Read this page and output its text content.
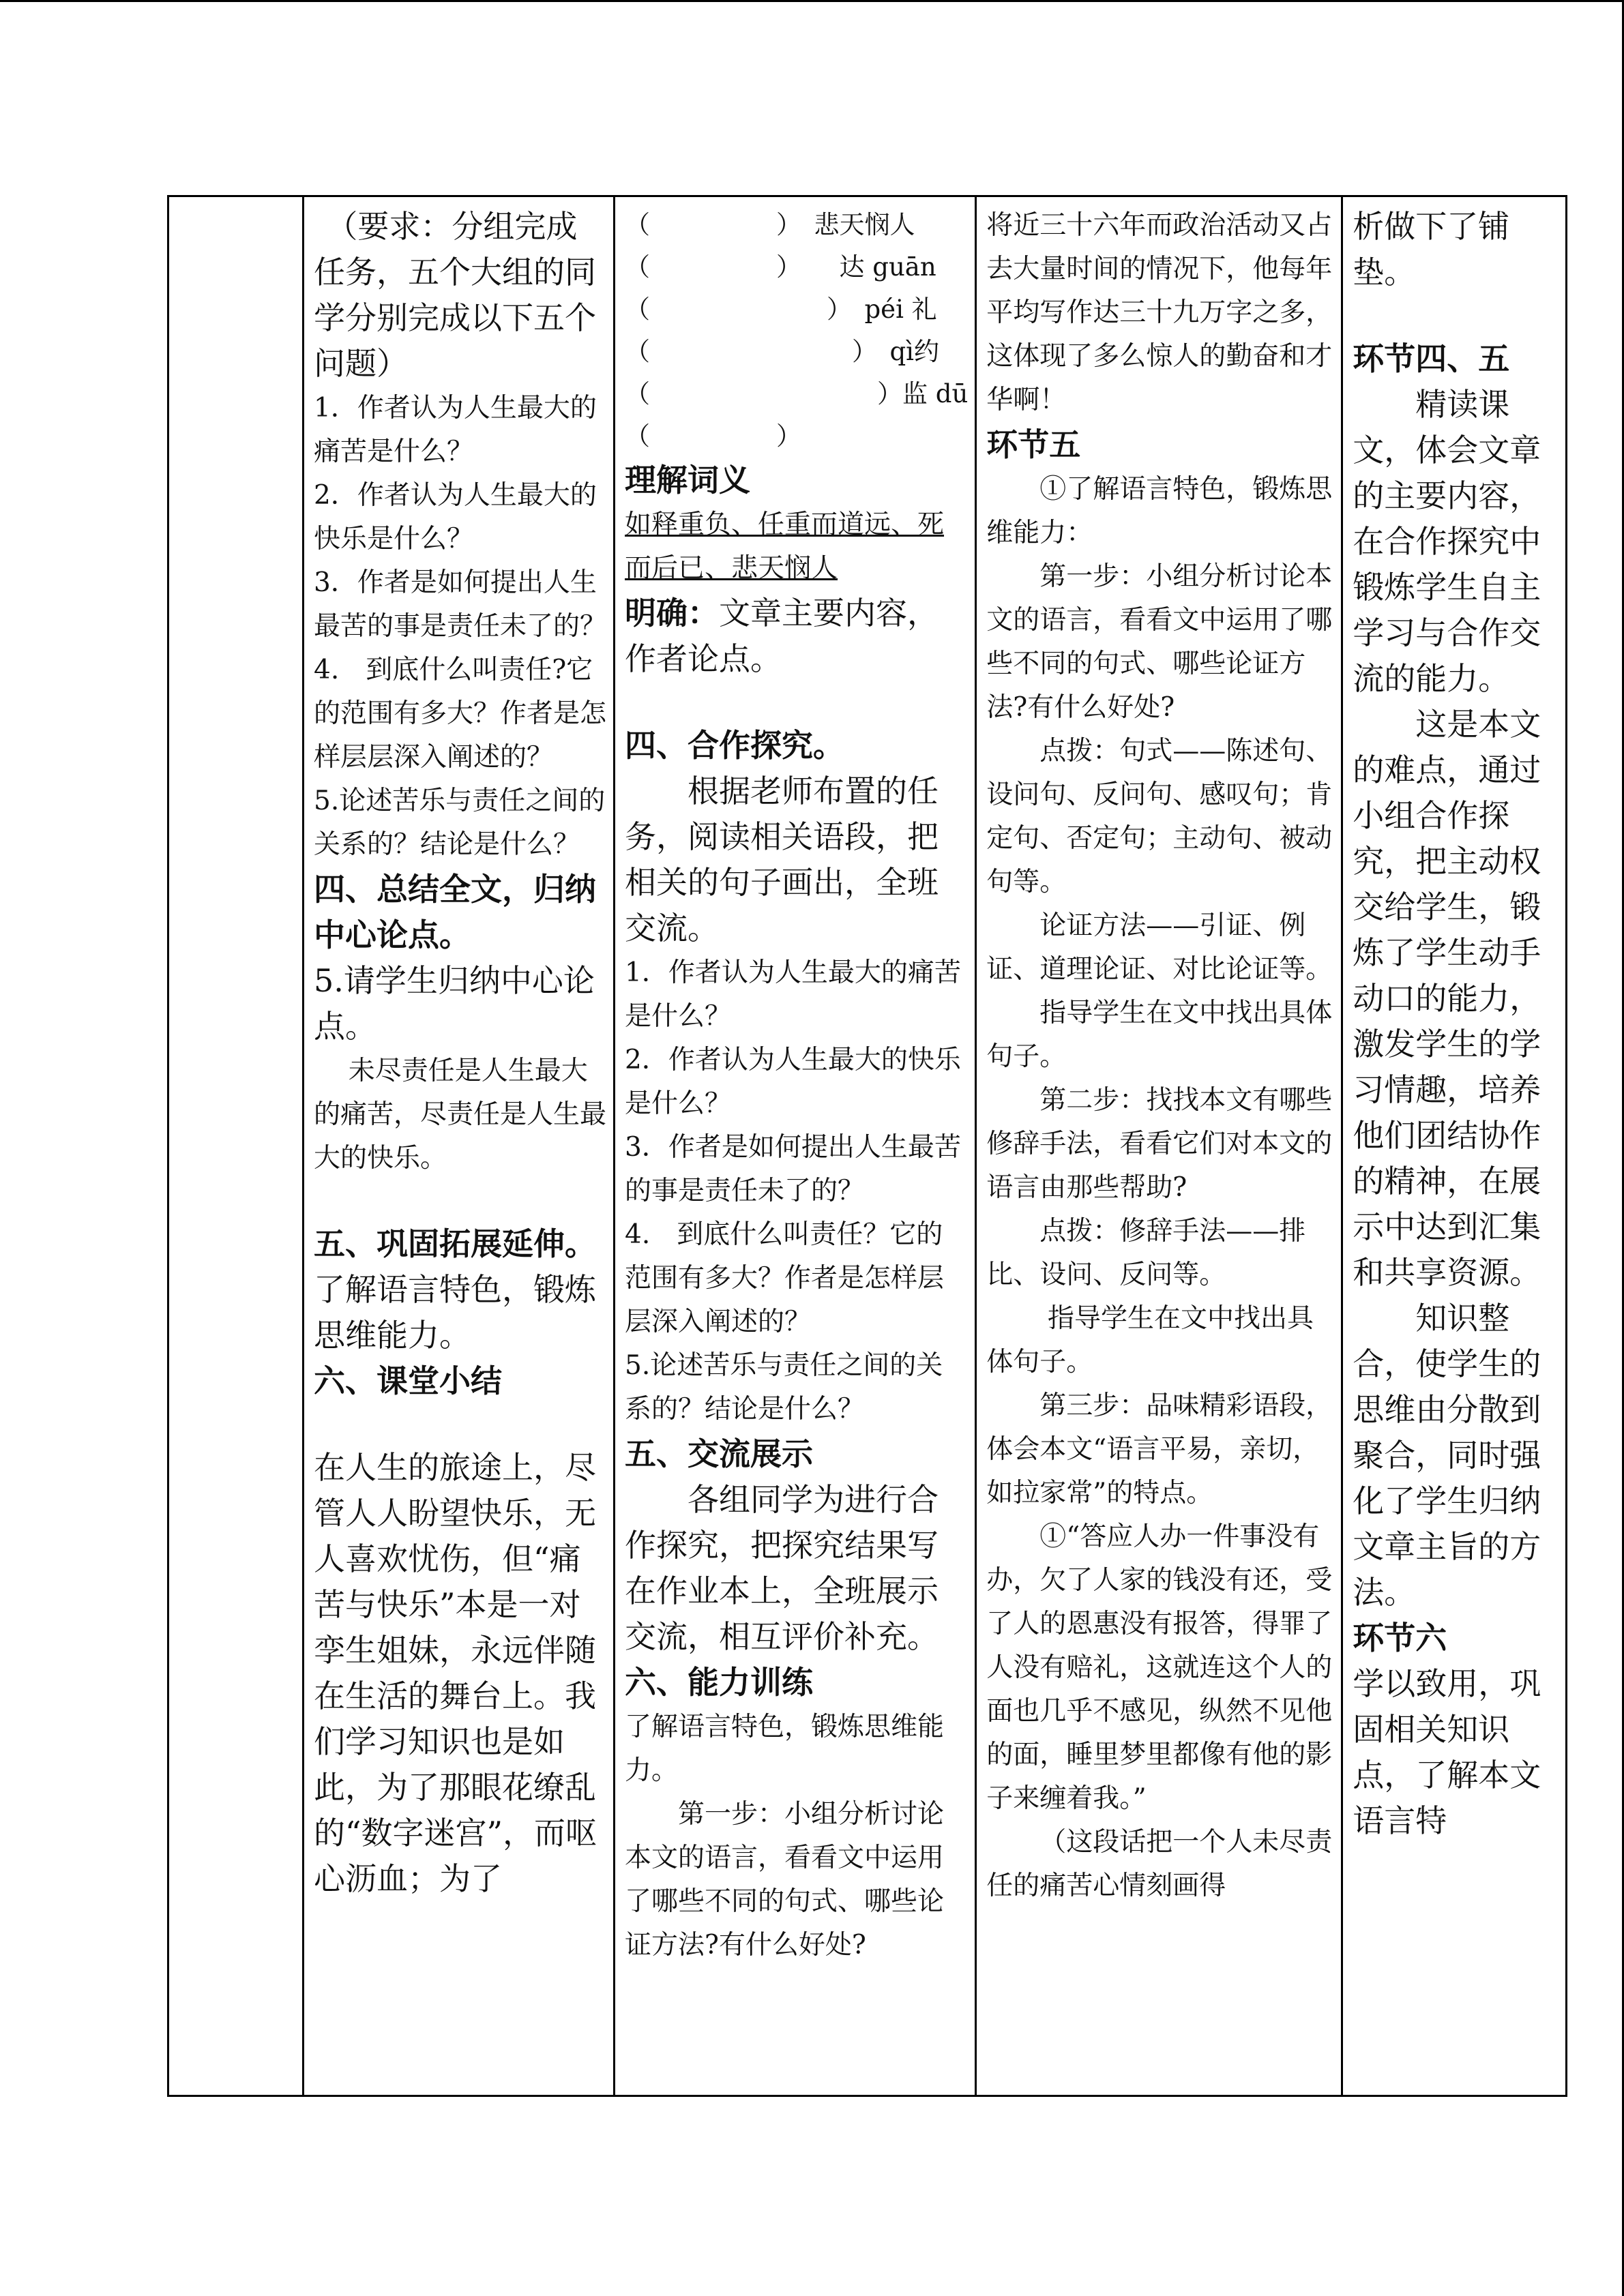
（要求：分组完成任务，五个大组的同学分别完成以下五个问题）

1．作者认为人生最大的痛苦是什么？

2．作者认为人生最大的快乐是什么？

3．作者是如何提出人生最苦的事是责任未了的？

4.　到底什么叫责任?它的范围有多大？作者是怎样层层深入阐述的？

5.论述苦乐与责任之间的关系的？结论是什么？

四、总结全文，归纳中心论点。

5.请学生归纳中心论点。

未尽责任是人生最大的痛苦，尽责任是人生最大的快乐。

五、巩固拓展延伸。

了解语言特色，锻炼思维能力。

六、课堂小结

在人生的旅途上，尽管人人盼望快乐，无人喜欢忧伤，但“痛苦与快乐”本是一对孪生姐妹，永远伴随在生活的舞台上。我们学习知识也是如此，为了那眼花缭乱的“数字迷宫”，而呕心沥血；为了

（　　　　　）　悲天悯人

（　　　　　）　　达 guān

（　　　　　　　）　péi 礼

（　　　　　　　　）　qì约

（　　　　　　　　　）监 dū

（　　　　　）

理解词义

如释重负、任重而道远、死而后已、悲天悯人

明确：文章主要内容，作者论点。

四、合作探究。

根据老师布置的任务，阅读相关语段，把相关的句子画出，全班交流。

1．作者认为人生最大的痛苦是什么？

2．作者认为人生最大的快乐是什么？

3．作者是如何提出人生最苦的事是责任未了的？

4.　到底什么叫责任？它的范围有多大？作者是怎样层层深入阐述的？

5.论述苦乐与责任之间的关系的？结论是什么？

五、交流展示

各组同学为进行合作探究，把探究结果写在作业本上，全班展示交流，相互评价补充。

六、能力训练

了解语言特色，锻炼思维能力。

第一步：小组分析讨论本文的语言，看看文中运用了哪些不同的句式、哪些论证方法?有什么好处?

将近三十六年而政治活动又占去大量时间的情况下，他每年平均写作达三十九万字之多，这体现了多么惊人的勤奋和才华啊！

环节五

①了解语言特色，锻炼思维能力：

第一步：小组分析讨论本文的语言，看看文中运用了哪些不同的句式、哪些论证方法?有什么好处?

点拨：句式——陈述句、设问句、反问句、感叹句；肯定句、否定句；主动句、被动句等。

论证方法——引证、例证、道理论证、对比论证等。

指导学生在文中找出具体句子。

第二步：找找本文有哪些修辞手法，看看它们对本文的语言由那些帮助?

点拨：修辞手法——排比、设问、反问等。

指导学生在文中找出具体句子。

第三步：品味精彩语段，体会本文“语言平易，亲切，如拉家常”的特点。

①“答应人办一件事没有办，欠了人家的钱没有还，受了人的恩惠没有报答，得罪了人没有赔礼，这就连这个人的面也几乎不感见，纵然不见他的面，睡里梦里都像有他的影子来缠着我。”

（这段话把一个人未尽责任的痛苦心情刻画得

析做下了铺垫。

环节四、五

精读课文，体会文章的主要内容，在合作探究中锻炼学生自主学习与合作交流的能力。

这是本文的难点，通过小组合作探究，把主动权交给学生，锻炼了学生动手动口的能力，激发学生的学习情趣，培养他们团结协作的精神，在展示中达到汇集和共享资源。

知识整合，使学生的思维由分散到聚合，同时强化了学生归纳文章主旨的方法。

环节六

学以致用，巩固相关知识点，了解本文语言特
